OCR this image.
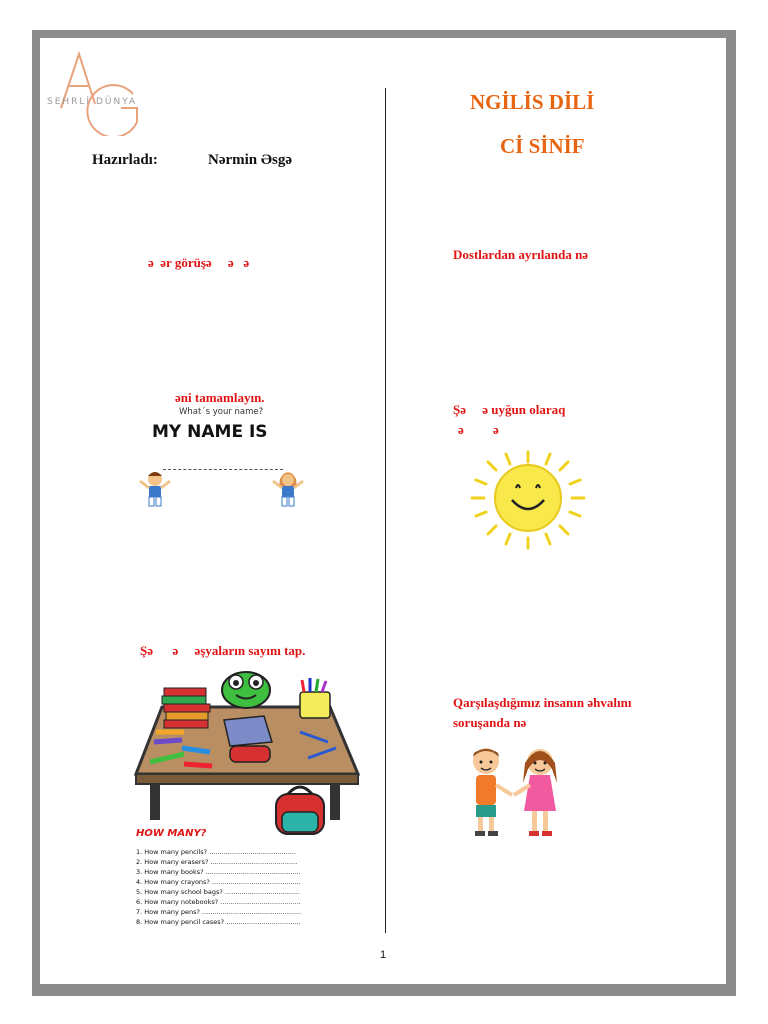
SEHRLİ DÜNYA
Hazırladı:	Nərmin Əsgə
NGİLİS DİLİ
Cİ SİNİF
ə  ər görüşə     ə   ə
əni tamamlayın.
What´s your name?
MY NAME IS
Şə      ə     əşyaların sayını tap.
HOW MANY?
1. How many pencils? ..........................................
2. How many erasers? ..........................................
3. How many books? ..............................................
4. How many crayons? ...........................................
5. How many school bags? ....................................
6. How many notebooks? .......................................
7. How many pens? ................................................
8. How many pencil cases? ....................................
Dostlardan ayrılanda nə
Şə     ə uyğun olaraq
ə         ə
Qarşılaşdığımız insanın əhvalını
soruşanda nə
1
